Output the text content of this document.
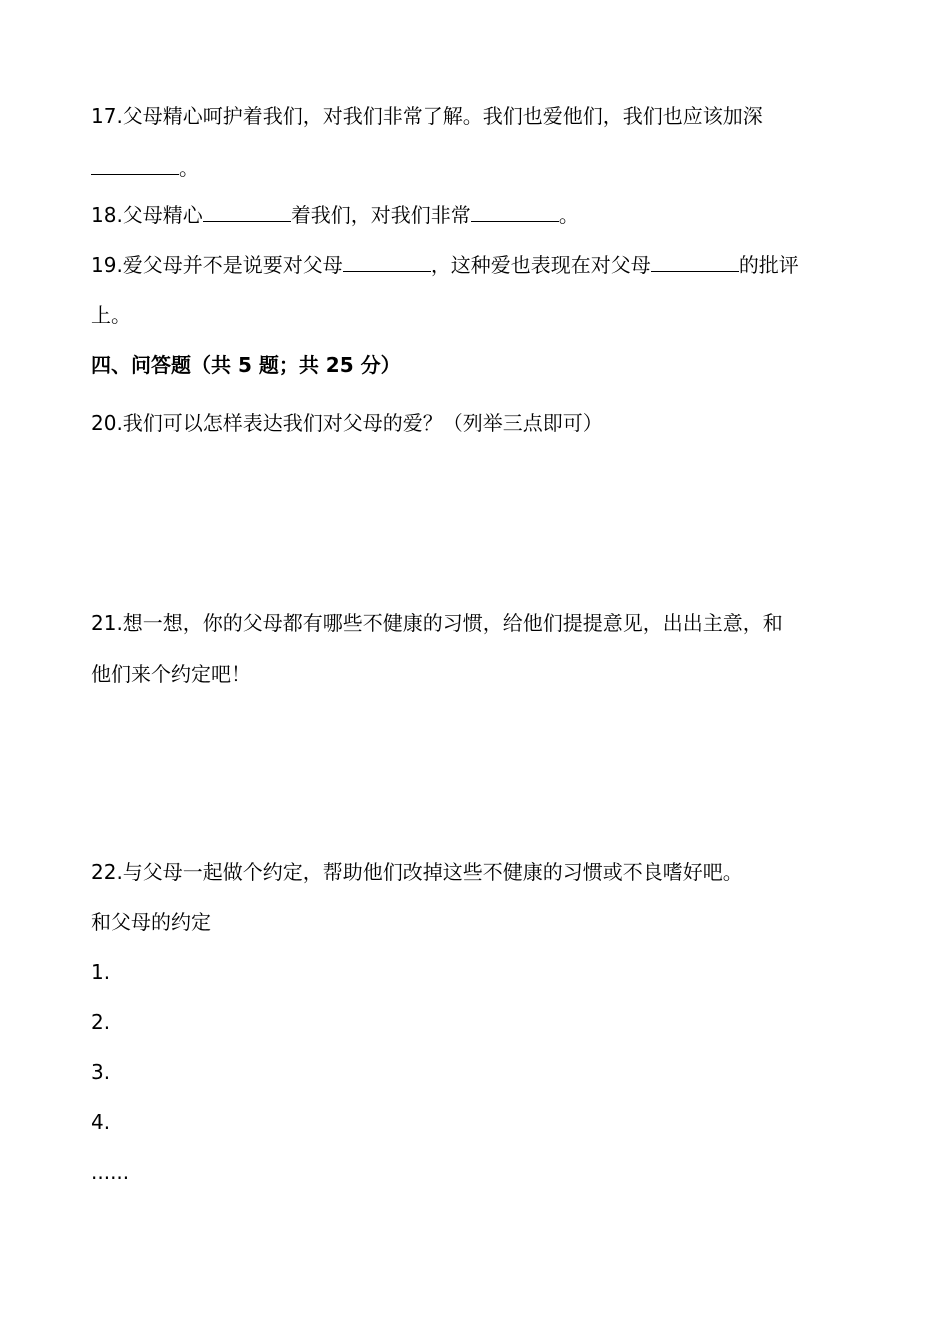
17.父母精心呵护着我们，对我们非常了解。我们也爱他们，我们也应该加深
。
18.父母精心	着我们，对我们非常	。
19.爱父母并不是说要对父母	，这种爱也表现在对父母	的批评
上。
四、问答题（共 5 题；共 25 分）
20.我们可以怎样表达我们对父母的爱？（列举三点即可）
21.想一想，你的父母都有哪些不健康的习惯，给他们提提意见，出出主意，和
他们来个约定吧！
22.与父母一起做个约定，帮助他们改掉这些不健康的习惯或不良嗜好吧。
和父母的约定
1.
2.
3.
4.
......
